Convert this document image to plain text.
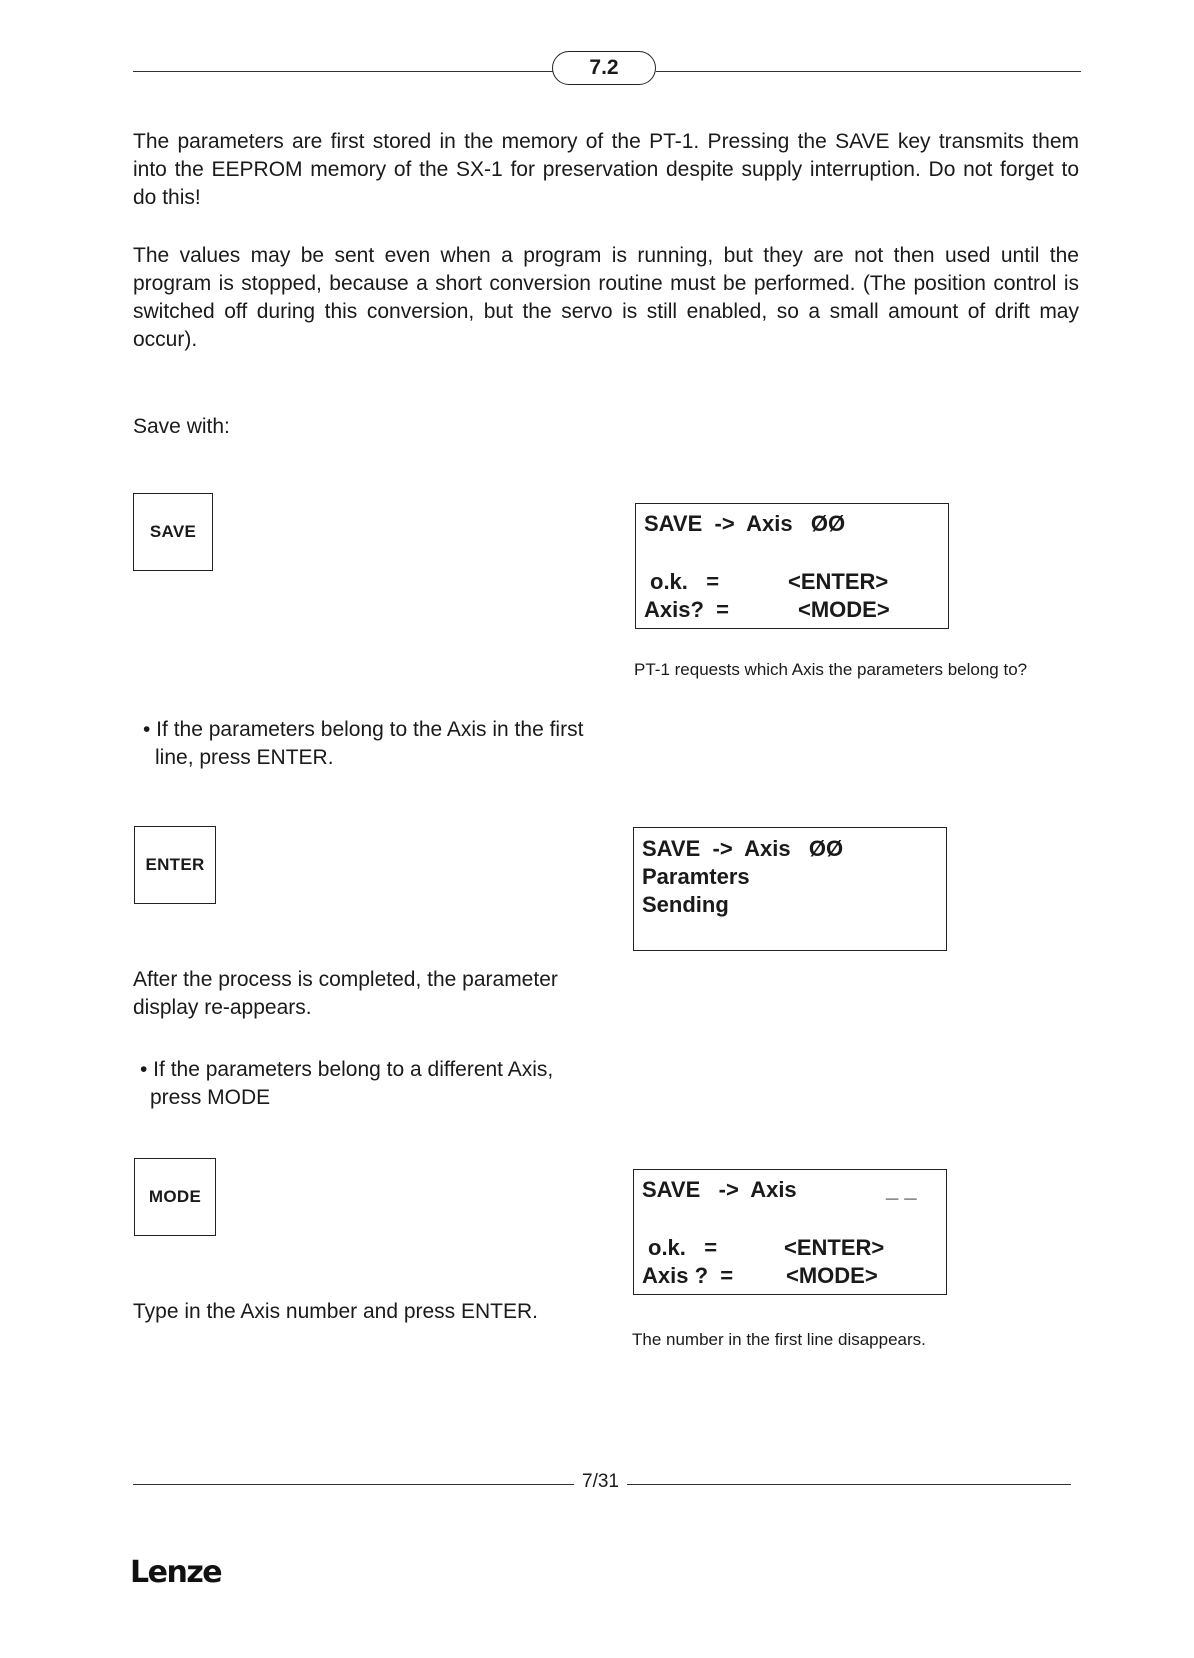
7.2

The parameters are first stored in the memory of the PT-1. Pressing the SAVE key transmits them into the EEPROM memory of the SX-1 for preservation despite supply interruption. Do not forget to do this!

The values may be sent even when a program is running, but they are not then used until the program is stopped, because a short conversion routine must be performed. (The position control is switched off during this conversion, but the servo is still enabled, so a small amount of drift may occur).

Save with:

SAVE	SAVE  ->  Axis   ØØ
o.k.   =	<ENTER>
Axis?  =	<MODE>

PT-1 requests which Axis the parameters belong to?

• If the parameters belong to the Axis in the first line, press ENTER.

ENTER
SAVE  ->  Axis   ØØ
Paramters
Sending

After the process is completed, the parameter display re-appears.

• If the parameters belong to a different Axis, press MODE

MODE	SAVE   ->  Axis	_ _
o.k.   =	<ENTER>
Axis ?  = <MODE>

Type in the Axis number and press ENTER.

The number in the first line disappears.

7/31
Lenze
